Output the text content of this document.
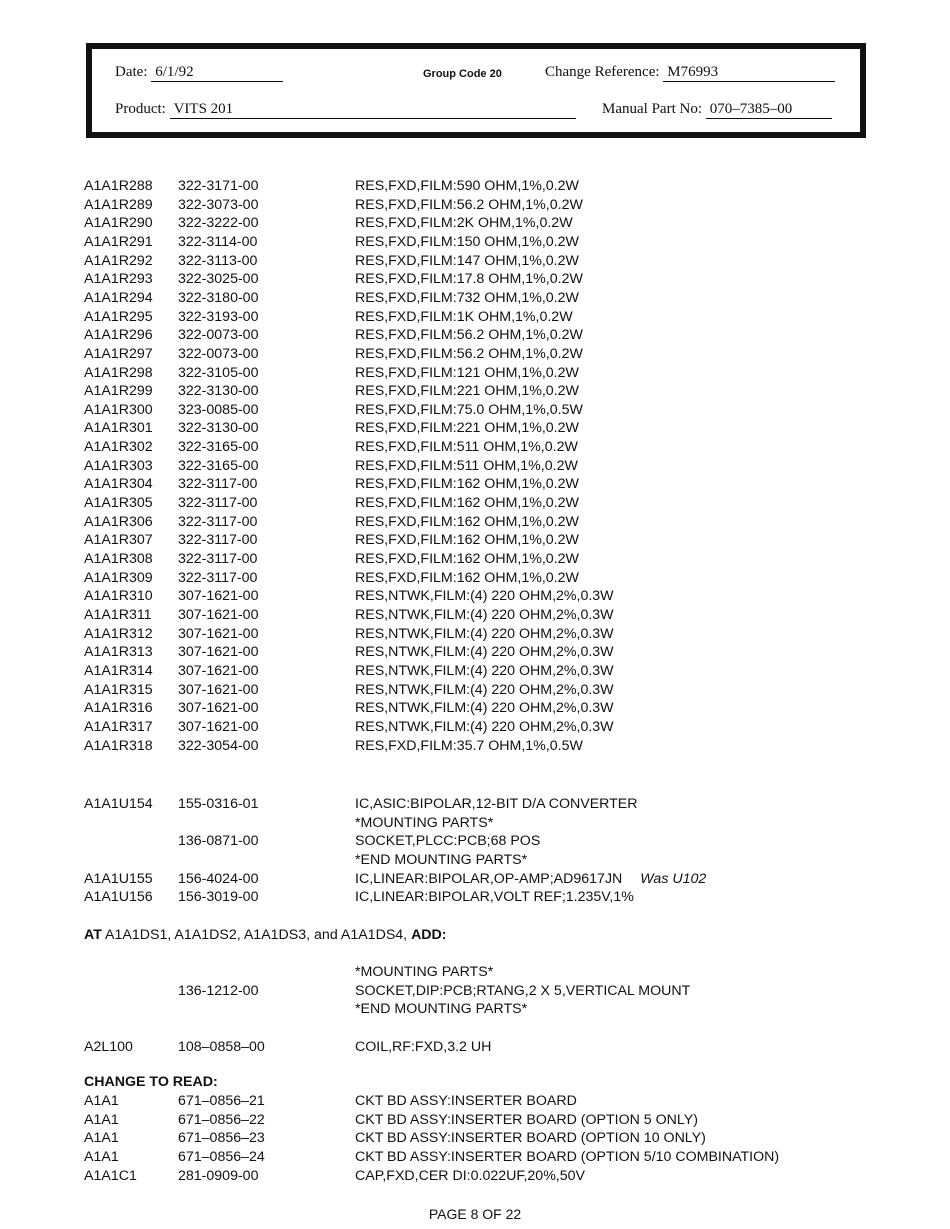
Date: 6/1/92	Group Code 20	Change Reference: M76993
Product: VITS 201	Manual Part No: 070–7385–00
A1A1R288 322-3171-00	RES,FXD,FILM:590 OHM,1%,0.2W
A1A1R289 322-3073-00	RES,FXD,FILM:56.2 OHM,1%,0.2W
A1A1R290 322-3222-00	RES,FXD,FILM:2K OHM,1%,0.2W
A1A1R291 322-3114-00	RES,FXD,FILM:150 OHM,1%,0.2W
A1A1R292 322-3113-00	RES,FXD,FILM:147 OHM,1%,0.2W
A1A1R293 322-3025-00	RES,FXD,FILM:17.8 OHM,1%,0.2W
A1A1R294 322-3180-00	RES,FXD,FILM:732 OHM,1%,0.2W
A1A1R295 322-3193-00	RES,FXD,FILM:1K OHM,1%,0.2W
A1A1R296 322-0073-00	RES,FXD,FILM:56.2 OHM,1%,0.2W
A1A1R297 322-0073-00	RES,FXD,FILM:56.2 OHM,1%,0.2W
A1A1R298 322-3105-00	RES,FXD,FILM:121 OHM,1%,0.2W
A1A1R299 322-3130-00	RES,FXD,FILM:221 OHM,1%,0.2W
A1A1R300 323-0085-00	RES,FXD,FILM:75.0 OHM,1%,0.5W
A1A1R301 322-3130-00	RES,FXD,FILM:221 OHM,1%,0.2W
A1A1R302 322-3165-00	RES,FXD,FILM:511 OHM,1%,0.2W
A1A1R303 322-3165-00	RES,FXD,FILM:511 OHM,1%,0.2W
A1A1R304 322-3117-00	RES,FXD,FILM:162 OHM,1%,0.2W
A1A1R305 322-3117-00	RES,FXD,FILM:162 OHM,1%,0.2W
A1A1R306 322-3117-00	RES,FXD,FILM:162 OHM,1%,0.2W
A1A1R307 322-3117-00	RES,FXD,FILM:162 OHM,1%,0.2W
A1A1R308 322-3117-00	RES,FXD,FILM:162 OHM,1%,0.2W
A1A1R309 322-3117-00	RES,FXD,FILM:162 OHM,1%,0.2W
A1A1R310 307-1621-00	RES,NTWK,FILM:(4) 220 OHM,2%,0.3W
A1A1R311 307-1621-00	RES,NTWK,FILM:(4) 220 OHM,2%,0.3W
A1A1R312 307-1621-00	RES,NTWK,FILM:(4) 220 OHM,2%,0.3W
A1A1R313 307-1621-00	RES,NTWK,FILM:(4) 220 OHM,2%,0.3W
A1A1R314 307-1621-00	RES,NTWK,FILM:(4) 220 OHM,2%,0.3W
A1A1R315 307-1621-00	RES,NTWK,FILM:(4) 220 OHM,2%,0.3W
A1A1R316 307-1621-00	RES,NTWK,FILM:(4) 220 OHM,2%,0.3W
A1A1R317 307-1621-00	RES,NTWK,FILM:(4) 220 OHM,2%,0.3W
A1A1R318 322-3054-00	RES,FXD,FILM:35.7 OHM,1%,0.5W
A1A1U154 155-0316-01	IC,ASIC:BIPOLAR,12-BIT D/A CONVERTER
*MOUNTING PARTS*
136-0871-00	SOCKET,PLCC:PCB;68 POS
*END MOUNTING PARTS*
A1A1U155 156-4024-00	IC,LINEAR:BIPOLAR,OP-AMP;AD9617JN Was U102
A1A1U156 156-3019-00	IC,LINEAR:BIPOLAR,VOLT REF;1.235V,1%
AT A1A1DS1, A1A1DS2, A1A1DS3, and A1A1DS4, ADD:
*MOUNTING PARTS*
136-1212-00	SOCKET,DIP:PCB;RTANG,2 X 5,VERTICAL MOUNT
*END MOUNTING PARTS*
A2L100	108–0858–00	COIL,RF:FXD,3.2 UH
CHANGE TO READ:
A1A1	671–0856–21	CKT BD ASSY:INSERTER BOARD
A1A1	671–0856–22	CKT BD ASSY:INSERTER BOARD (OPTION 5 ONLY)
A1A1	671–0856–23	CKT BD ASSY:INSERTER BOARD (OPTION 10 ONLY)
A1A1	671–0856–24	CKT BD ASSY:INSERTER BOARD (OPTION 5/10 COMBINATION)
A1A1C1	281-0909-00	CAP,FXD,CER DI:0.022UF,20%,50V
PAGE 8 OF 22
